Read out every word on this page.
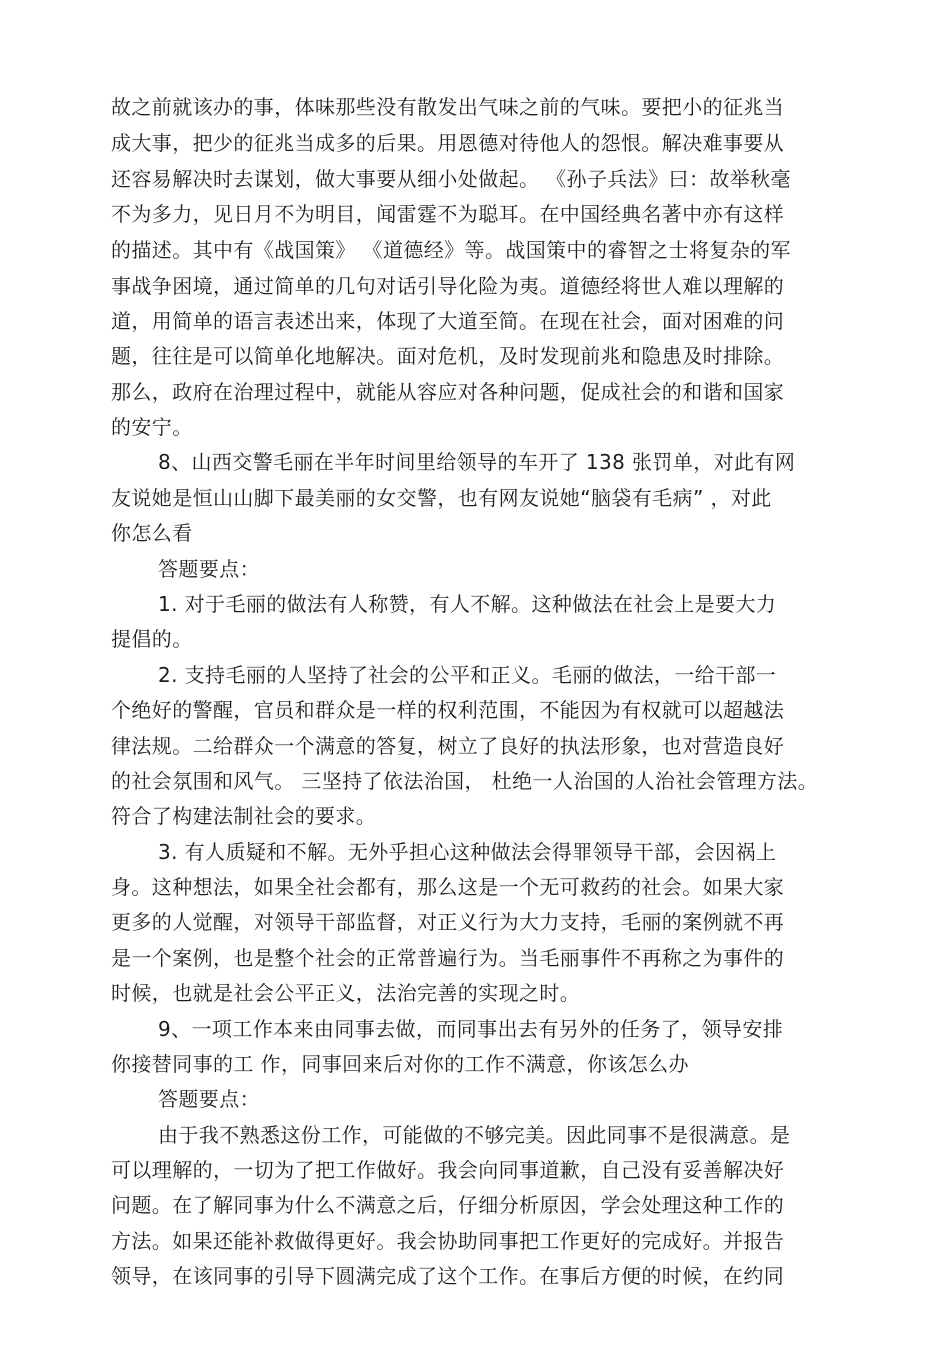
故之前就该办的事，体味那些没有散发出气味之前的气味。要把小的征兆当
成大事，把少的征兆当成多的后果。用恩德对待他人的怨恨。解决难事要从
还容易解决时去谋划，做大事要从细小处做起。 《孙子兵法》曰：故举秋毫
不为多力，见日月不为明目，闻雷霆不为聪耳。在中国经典名著中亦有这样
的描述。其中有《战国策》 《道德经》等。战国策中的睿智之士将复杂的军
事战争困境，通过简单的几句对话引导化险为夷。道德经将世人难以理解的
道，用简单的语言表述出来，体现了大道至简。在现在社会，面对困难的问
题，往往是可以简单化地解决。面对危机，及时发现前兆和隐患及时排除。
那么，政府在治理过程中，就能从容应对各种问题，促成社会的和谐和国家
的安宁。
8、山西交警毛丽在半年时间里给领导的车开了 138 张罚单，对此有网
友说她是恒山山脚下最美丽的女交警，也有网友说她“脑袋有毛病” ，对此
你怎么看
答题要点：
1. 对于毛丽的做法有人称赞，有人不解。这种做法在社会上是要大力
提倡的。
2. 支持毛丽的人坚持了社会的公平和正义。毛丽的做法，一给干部一
个绝好的警醒，官员和群众是一样的权利范围，不能因为有权就可以超越法
律法规。二给群众一个满意的答复，树立了良好的执法形象，也对营造良好
的社会氛围和风气。 三坚持了依法治国， 杜绝一人治国的人治社会管理方法。
符合了构建法制社会的要求。
3. 有人质疑和不解。无外乎担心这种做法会得罪领导干部，会因祸上
身。这种想法，如果全社会都有，那么这是一个无可救药的社会。如果大家
更多的人觉醒，对领导干部监督，对正义行为大力支持，毛丽的案例就不再
是一个案例，也是整个社会的正常普遍行为。当毛丽事件不再称之为事件的
时候，也就是社会公平正义，法治完善的实现之时。
9、一项工作本来由同事去做，而同事出去有另外的任务了，领导安排
你接替同事的工 作，同事回来后对你的工作不满意，你该怎么办
答题要点：
由于我不熟悉这份工作，可能做的不够完美。因此同事不是很满意。是
可以理解的，一切为了把工作做好。我会向同事道歉，自己没有妥善解决好
问题。在了解同事为什么不满意之后，仔细分析原因，学会处理这种工作的
方法。如果还能补救做得更好。我会协助同事把工作更好的完成好。并报告
领导，在该同事的引导下圆满完成了这个工作。在事后方便的时候，在约同
